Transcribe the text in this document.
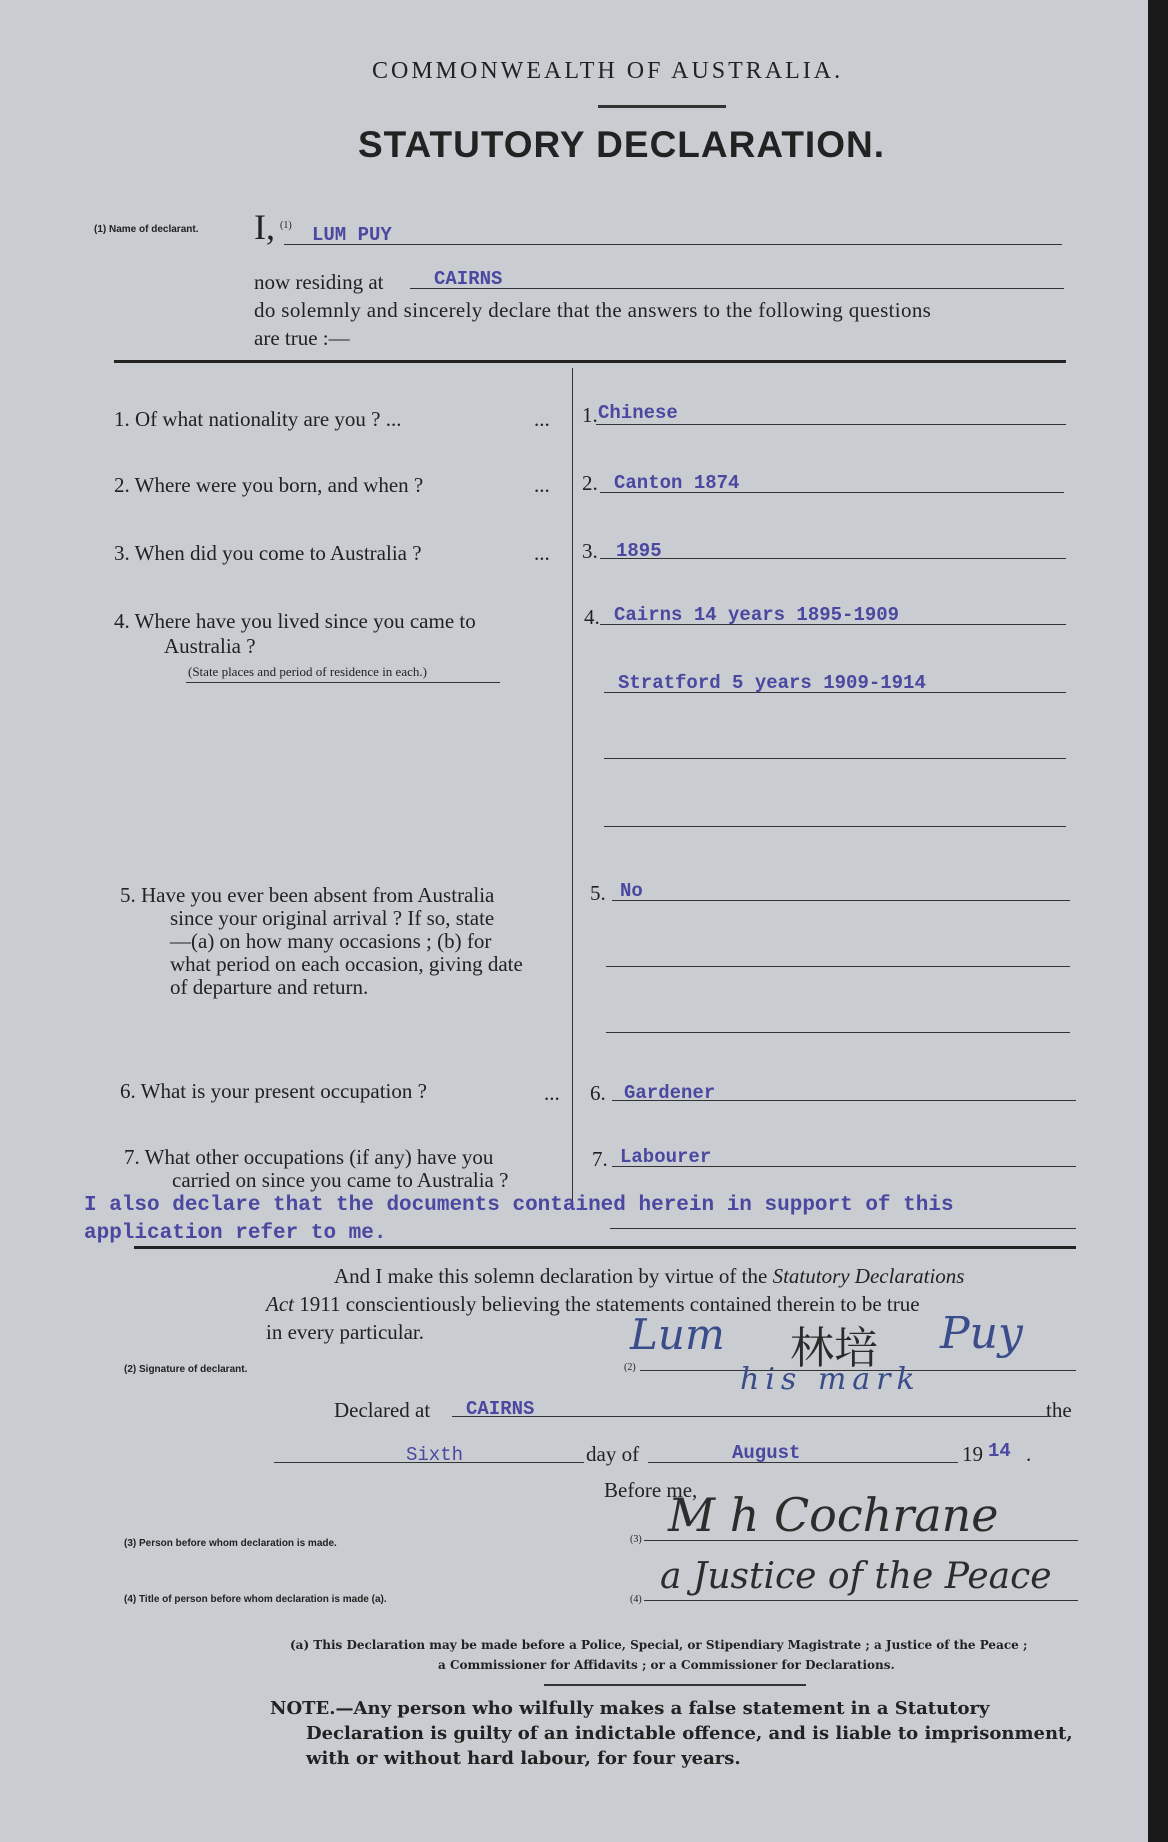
COMMONWEALTH OF AUSTRALIA.
STATUTORY DECLARATION.
(1) Name of declarant. I, (1) LUM PUY
now residing at	CAIRNS
do solemnly and sincerely declare that the answers to the following questions
are true :—
1. Of what nationality are you ? ...	... 1. Chinese
2. Where were you born, and when ?	... 2. Canton 1874
3. When did you come to Australia ?	... 3. 1895
4. Where have you lived since you came to
Australia ?
(State places and period of residence in each.)
4. Cairns 14 years 1895-1909
Stratford 5 years 1909-1914
5. Have you ever been absent from Australia
since your original arrival ? If so, state
—(a) on how many occasions ; (b) for
what period on each occasion, giving date
of departure and return.
5. No
6. What is your present occupation ?	... 6. Gardener
7. What other occupations (if any) have you
carried on since you came to Australia ?
7. Labourer
I also declare that the documents contained herein in support of this
application refer to me.
And I make this solemn declaration by virtue of the Statutory Declarations
Act 1911 conscientiously believing the statements contained therein to be true
in every particular.
(2) Signature of declarant.	(2)
Lum 林培 Puy
his mark
Declared at CAIRNS	the
Sixth	day of	August	19 14 .
Before me,
(3) Person before whom declaration is made.	(3) M h Cochrane
(4) Title of person before whom declaration is made (a).	(4)
a Justice of the Peace
(a) This Declaration may be made before a Police, Special, or Stipendiary Magistrate ; a Justice of the Peace ;
a Commissioner for Affidavits ; or a Commissioner for Declarations.
NOTE.—Any person who wilfully makes a false statement in a Statutory
Declaration is guilty of an indictable offence, and is liable to imprisonment,
with or without hard labour, for four years.
